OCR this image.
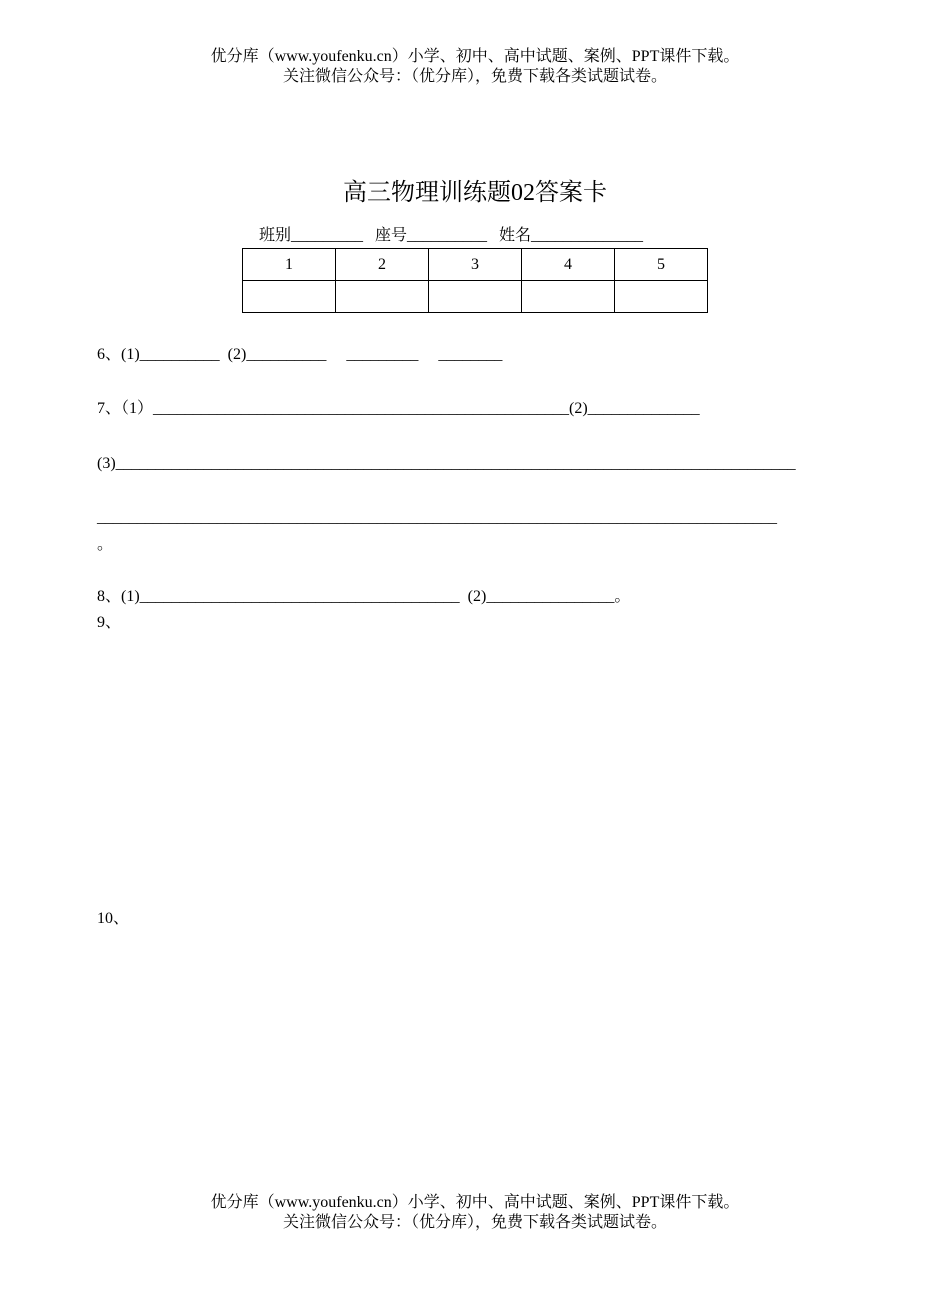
优分库（www.youfenku.cn）小学、初中、高中试题、案例、PPT课件下载。
关注微信公众号：（优分库），免费下载各类试题试卷。
高三物理训练题02答案卡
班别_________   座号__________   姓名______________
1	2	3	4	5

6、(1)__________  (2)__________     _________     ________
7、（1）____________________________________________________(2)______________
(3)_____________________________________________________________________________________
_____________________________________________________________________________________
。
8、(1)________________________________________  (2)________________。
9、
10、
优分库（www.youfenku.cn）小学、初中、高中试题、案例、PPT课件下载。
关注微信公众号：（优分库），免费下载各类试题试卷。
